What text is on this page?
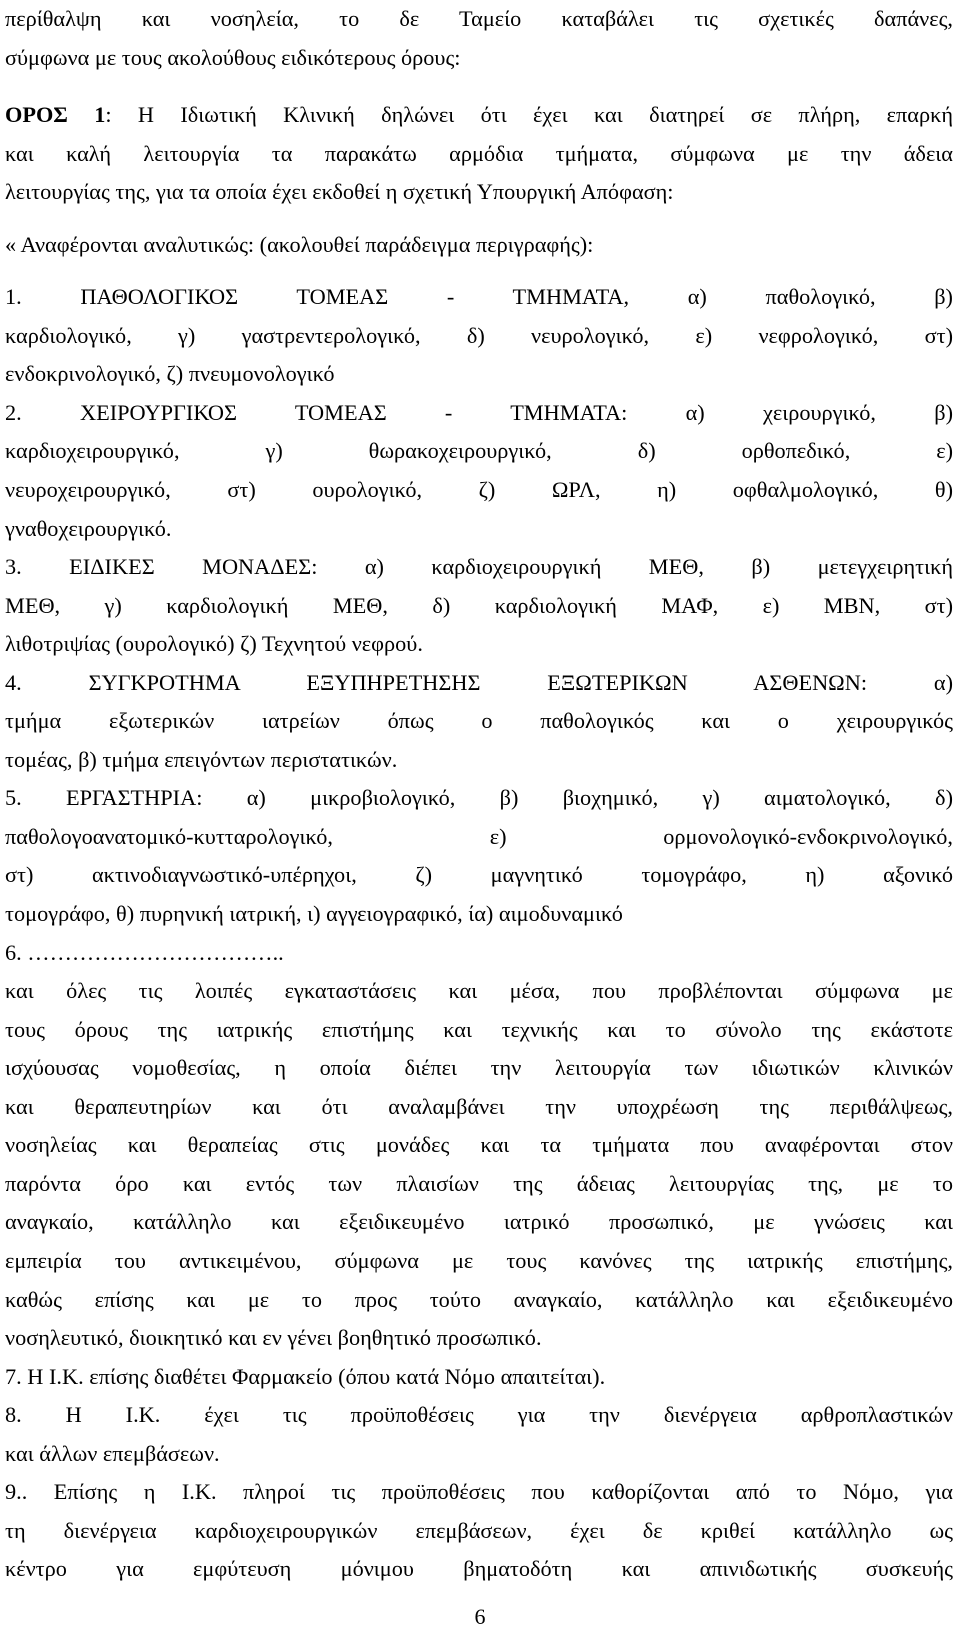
περίθαλψη και νοσηλεία, το δε Ταμείο καταβάλει τις σχετικές δαπάνες,
σύμφωνα με τους ακολούθους ειδικότερους όρους:
ΟΡΟΣ 1: Η Ιδιωτική Κλινική δηλώνει ότι έχει και διατηρεί σε πλήρη, επαρκή
και καλή λειτουργία τα παρακάτω αρμόδια τμήματα, σύμφωνα με την άδεια
λειτουργίας της, για τα οποία έχει εκδοθεί η σχετική Υπουργική Απόφαση:
« Αναφέρονται αναλυτικώς: (ακολουθεί παράδειγμα περιγραφής):
1. ΠΑΘΟΛΟΓΙΚΟΣ ΤΟΜΕΑΣ - ΤΜΗΜΑΤΑ, α) παθολογικό, β)
καρδιολογικό, γ) γαστρεντερολογικό, δ) νευρολογικό, ε) νεφρολογικό, στ)
ενδοκρινολογικό, ζ) πνευμονολογικό
2. ΧΕΙΡΟΥΡΓΙΚΟΣ ΤΟΜΕΑΣ - ΤΜΗΜΑΤΑ: α) χειρουργικό, β)
καρδιοχειρουργικό, γ) θωρακοχειρουργικό, δ) ορθοπεδικό, ε)
νευροχειρουργικό, στ) ουρολογικό, ζ) ΩΡΛ, η) οφθαλμολογικό, θ)
γναθοχειρουργικό.
3. ΕΙΔΙΚΕΣ ΜΟΝΑΔΕΣ: α) καρδιοχειρουργική ΜΕΘ, β) μετεγχειρητική
ΜΕΘ, γ) καρδιολογική ΜΕΘ, δ) καρδιολογική ΜΑΦ, ε) ΜΒΝ, στ)
λιθοτριψίας (ουρολογικό) ζ) Τεχνητού νεφρού.
4. ΣΥΓΚΡΟΤΗΜΑ ΕΞΥΠΗΡΕΤΗΣΗΣ ΕΞΩΤΕΡΙΚΩΝ ΑΣΘΕΝΩΝ: α)
τμήμα εξωτερικών ιατρείων όπως ο παθολογικός και ο χειρουργικός
τομέας, β) τμήμα επειγόντων περιστατικών.
5. ΕΡΓΑΣΤΗΡΙΑ: α) μικροβιολογικό, β) βιοχημικό, γ) αιματολογικό, δ)
παθολογοανατομικό-κυτταρολογικό, ε) ορμονολογικό-ενδοκρινολογικό,
στ) ακτινοδιαγνωστικό-υπέρηχοι, ζ) μαγνητικό τομογράφο, η) αξονικό
τομογράφο, θ) πυρηνική ιατρική, ι) αγγειογραφικό, ία) αιμοδυναμικό
6. ……………………………..
και όλες τις λοιπές εγκαταστάσεις και μέσα, που προβλέπονται σύμφωνα με
τους όρους της ιατρικής επιστήμης και τεχνικής και το σύνολο της εκάστοτε
ισχύουσας νομοθεσίας, η οποία διέπει την λειτουργία των ιδιωτικών κλινικών
και θεραπευτηρίων και ότι αναλαμβάνει την υποχρέωση της περιθάλψεως,
νοσηλείας και θεραπείας στις μονάδες και τα τμήματα που αναφέρονται στον
παρόντα όρο και εντός των πλαισίων της άδειας λειτουργίας της, με το
αναγκαίο, κατάλληλο και εξειδικευμένο ιατρικό προσωπικό, με γνώσεις και
εμπειρία του αντικειμένου, σύμφωνα με τους κανόνες της ιατρικής επιστήμης,
καθώς επίσης και με το προς τούτο αναγκαίο, κατάλληλο και εξειδικευμένο
νοσηλευτικό, διοικητικό και εν γένει βοηθητικό προσωπικό.
7. Η Ι.Κ. επίσης διαθέτει Φαρμακείο (όπου κατά Νόμο απαιτείται).
8. Η Ι.Κ. έχει τις προϋποθέσεις για την διενέργεια αρθροπλαστικών
και άλλων επεμβάσεων.
9.. Επίσης η Ι.Κ. πληροί τις προϋποθέσεις που καθορίζονται από το Νόμο, για
τη διενέργεια καρδιοχειρουργικών επεμβάσεων, έχει δε κριθεί κατάλληλο ως
κέντρο για εμφύτευση μόνιμου βηματοδότη και απινιδωτικής συσκευής
6
